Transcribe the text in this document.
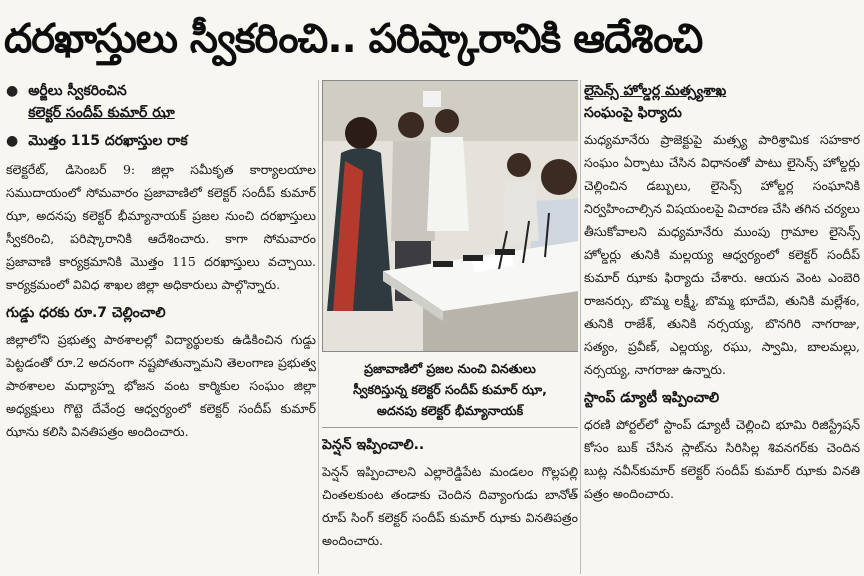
దరఖాస్తులు స్వీకరించి.. పరిష్కారానికి ఆదేశించి
● అర్జీలు స్వీకరించిన
కలెక్టర్ సందీప్ కుమార్ ఝా
● మొత్తం 115 దరఖాస్తుల రాక

కలెక్టరేట్, డిసెంబర్ 9: జిల్లా సమీకృత కార్యాలయాల సముదాయంలో సోమవారం ప్రజావాణిలో కలెక్టర్ సందీప్ కుమార్ ఝా, అదనపు కలెక్టర్ భీమ్యానాయక్ ప్రజల నుంచి దరఖాస్తులు స్వీకరించి, పరిష్కారానికి ఆదేశించారు. కాగా సోమవారం ప్రజావాణి కార్యక్రమానికి మొత్తం 115 దరఖాస్తులు వచ్చాయి. కార్యక్రమంలో వివిధ శాఖల జిల్లా అధికారులు పాల్గొన్నారు.

గుడ్డు ధరకు రూ.7 చెల్లించాలి

జిల్లాలోని ప్రభుత్వ పాఠశాలల్లో విద్యార్థులకు ఉడికించిన గుడ్డు పెట్టడంతో రూ.2 అదనంగా నష్టపోతున్నామని తెలంగాణ ప్రభుత్వ పాఠశాలల మధ్యాహ్న భోజన వంట కార్మికుల సంఘం జిల్లా అధ్యక్షులు గొట్టె దేవేంద్ర ఆధ్వర్యంలో కలెక్టర్ సందీప్ కుమార్ ఝాను కలిసి వినతిపత్రం అందించారు.

ప్రజావాణిలో ప్రజల నుంచి వినతులు
స్వీకరిస్తున్న కలెక్టర్ సందీప్ కుమార్ ఝా,
అదనపు కలెక్టర్ భీమ్యానాయక్
పెన్షన్ ఇప్పించాలి..

పెన్షన్ ఇప్పించాలని ఎల్లారెడ్డిపేట మండలం గొల్లపల్లి చింతలకుంట తండాకు చెందిన దివ్యాంగుడు బానోత్ రూప్ సింగ్ కలెక్టర్ సందీప్ కుమార్ ఝాకు వినతిపత్రం అందించారు.

లైసెన్స్ హోల్డర్ల మత్స్యశాఖ
సంఘంపై ఫిర్యాదు

మధ్యమానేరు ప్రాజెక్టుపై మత్స్య పారిశ్రామిక సహకార సంఘం ఏర్పాటు చేసిన విధానంతో పాటు లైసెన్స్ హోల్డర్లు చెల్లించిన డబ్బులు, లైసెన్స్ హోల్డర్ల సంఘానికి నిర్వహించాల్సిన విషయంలపై విచారణ చేసి తగిన చర్యలు తీసుకోవాలని మధ్యమానేరు ముంపు గ్రామాల లైసెన్స్ హోల్డర్లు తునికి మల్లయ్య ఆధ్వర్యంలో కలెక్టర్ సందీప్ కుమార్ ఝాకు ఫిర్యాదు చేశారు. ఆయన వెంట ఎంబెరి రాజనర్సు, బొమ్మ లక్ష్మీ, బొమ్మ భూదేవి, తునికి మల్లేశం, తునికి రాజేశ్, తునికి నర్సయ్య, బొనగిరి నాగరాజు, సత్యం, ప్రవీణ్, ఎల్లయ్య, రఘు, స్వామి, బాలమల్లు, నర్సయ్య, నాగరాజు ఉన్నారు.

స్టాంప్ డ్యూటీ ఇప్పించాలి

ధరణి పోర్టల్‌లో స్టాంప్ డ్యూటీ చెల్లించి భూమి రిజిస్ట్రేషన్ కోసం బుక్ చేసిన స్లాట్‌ను సిరిసిల్ల శివనగర్‌కు చెందిన బుట్ల నవీన్‌కుమార్ కలెక్టర్ సందీప్ కుమార్ ఝాకు వినతి పత్రం అందించారు.
